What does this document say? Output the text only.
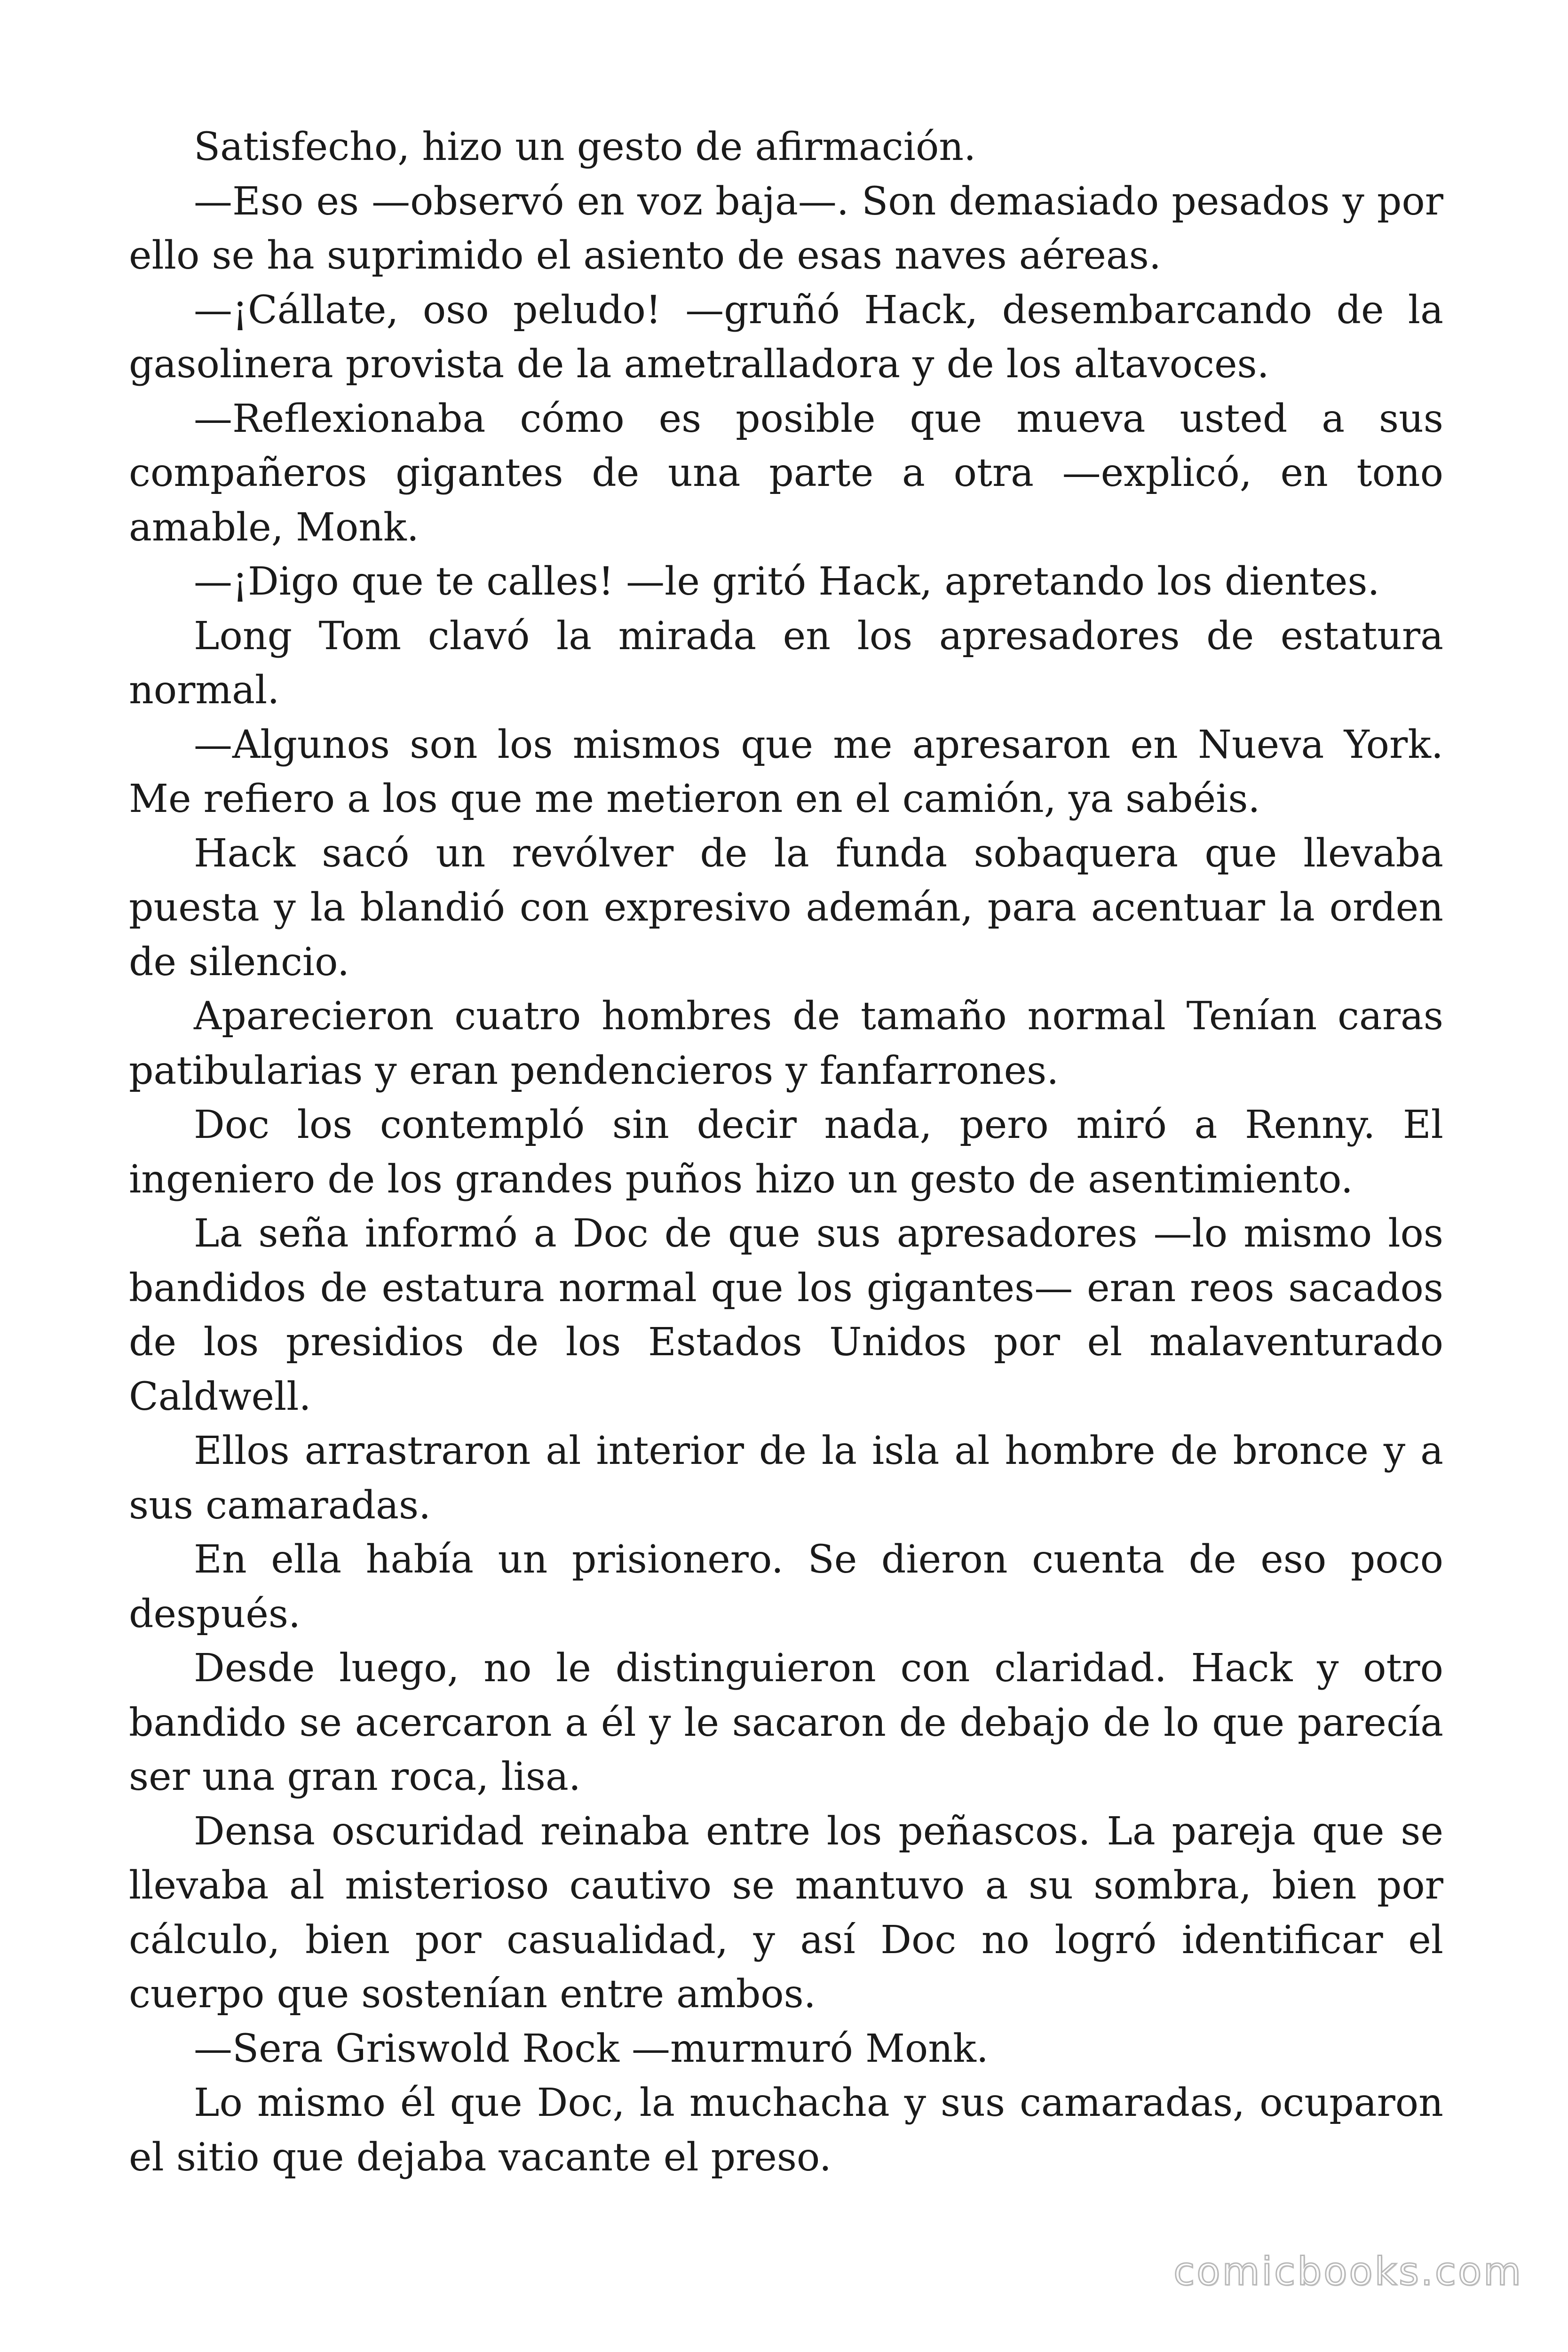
Satisfecho, hizo un gesto de afirmación.

—Eso es —observó en voz baja—. Son demasiado pesados y por ello se ha suprimido el asiento de esas naves aéreas.

—¡Cállate, oso peludo! —gruñó Hack, desembarcando de la gasolinera provista de la ametralladora y de los altavoces.

—Reflexionaba cómo es posible que mueva usted a sus compañeros gigantes de una parte a otra —explicó, en tono amable, Monk.

—¡Digo que te calles! —le gritó Hack, apretando los dientes.

Long Tom clavó la mirada en los apresadores de estatura normal.

—Algunos son los mismos que me apresaron en Nueva York. Me refiero a los que me metieron en el camión, ya sabéis.

Hack sacó un revólver de la funda sobaquera que llevaba puesta y la blandió con expresivo ademán, para acentuar la orden de silencio.

Aparecieron cuatro hombres de tamaño normal Tenían caras patibularias y eran pendencieros y fanfarrones.

Doc los contempló sin decir nada, pero miró a Renny. El ingeniero de los grandes puños hizo un gesto de asentimiento.

La seña informó a Doc de que sus apresadores —lo mismo los bandidos de estatura normal que los gigantes— eran reos sacados de los presidios de los Estados Unidos por el malaventurado Caldwell.

Ellos arrastraron al interior de la isla al hombre de bronce y a sus camaradas.

En ella había un prisionero. Se dieron cuenta de eso poco después.

Desde luego, no le distinguieron con claridad. Hack y otro bandido se acercaron a él y le sacaron de debajo de lo que parecía ser una gran roca, lisa.

Densa oscuridad reinaba entre los peñascos. La pareja que se llevaba al misterioso cautivo se mantuvo a su sombra, bien por cálculo, bien por casualidad, y así Doc no logró identificar el cuerpo que sostenían entre ambos.

—Sera Griswold Rock —murmuró Monk.

Lo mismo él que Doc, la muchacha y sus camaradas, ocuparon el sitio que dejaba vacante el preso.

comicbooks.com
